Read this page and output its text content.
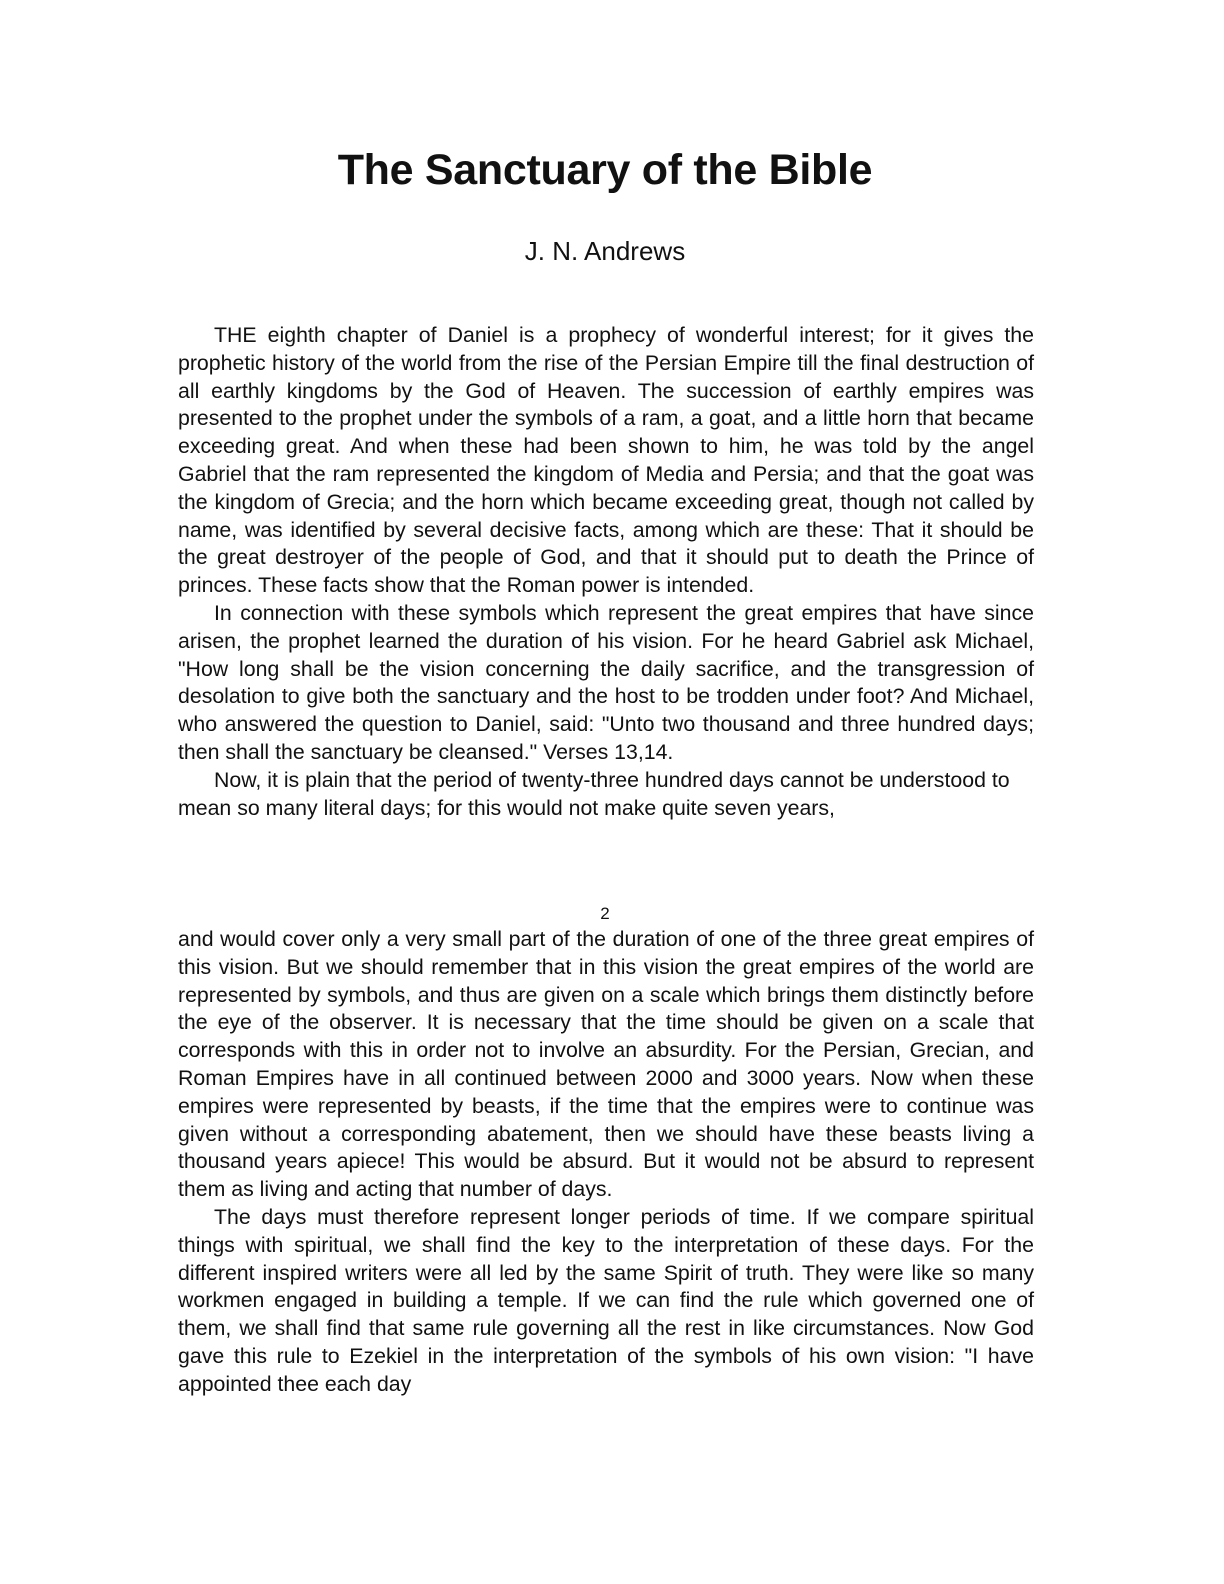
The Sanctuary of the Bible
J. N. Andrews

THE eighth chapter of Daniel is a prophecy of wonderful interest; for it gives the prophetic history of the world from the rise of the Persian Empire till the final destruction of all earthly kingdoms by the God of Heaven. The succession of earthly empires was presented to the prophet under the symbols of a ram, a goat, and a little horn that became exceeding great. And when these had been shown to him, he was told by the angel Gabriel that the ram represented the kingdom of Media and Persia; and that the goat was the kingdom of Grecia; and the horn which became exceeding great, though not called by name, was identified by several decisive facts, among which are these: That it should be the great destroyer of the people of God, and that it should put to death the Prince of princes. These facts show that the Roman power is intended.

In connection with these symbols which represent the great empires that have since arisen, the prophet learned the duration of his vision. For he heard Gabriel ask Michael, "How long shall be the vision concerning the daily sacrifice, and the transgression of desolation to give both the sanctuary and the host to be trodden under foot? And Michael, who answered the question to Daniel, said: "Unto two thousand and three hundred days; then shall the sanctuary be cleansed." Verses 13,14.

Now, it is plain that the period of twenty-three hundred days cannot be understood to mean so many literal days; for this would not make quite seven years,

2

and would cover only a very small part of the duration of one of the three great empires of this vision. But we should remember that in this vision the great empires of the world are represented by symbols, and thus are given on a scale which brings them distinctly before the eye of the observer. It is necessary that the time should be given on a scale that corresponds with this in order not to involve an absurdity. For the Persian, Grecian, and Roman Empires have in all continued between 2000 and 3000 years. Now when these empires were represented by beasts, if the time that the empires were to continue was given without a corresponding abatement, then we should have these beasts living a thousand years apiece! This would be absurd. But it would not be absurd to represent them as living and acting that number of days.

The days must therefore represent longer periods of time. If we compare spiritual things with spiritual, we shall find the key to the interpretation of these days. For the different inspired writers were all led by the same Spirit of truth. They were like so many workmen engaged in building a temple. If we can find the rule which governed one of them, we shall find that same rule governing all the rest in like circumstances. Now God gave this rule to Ezekiel in the interpretation of the symbols of his own vision: "I have appointed thee each day
